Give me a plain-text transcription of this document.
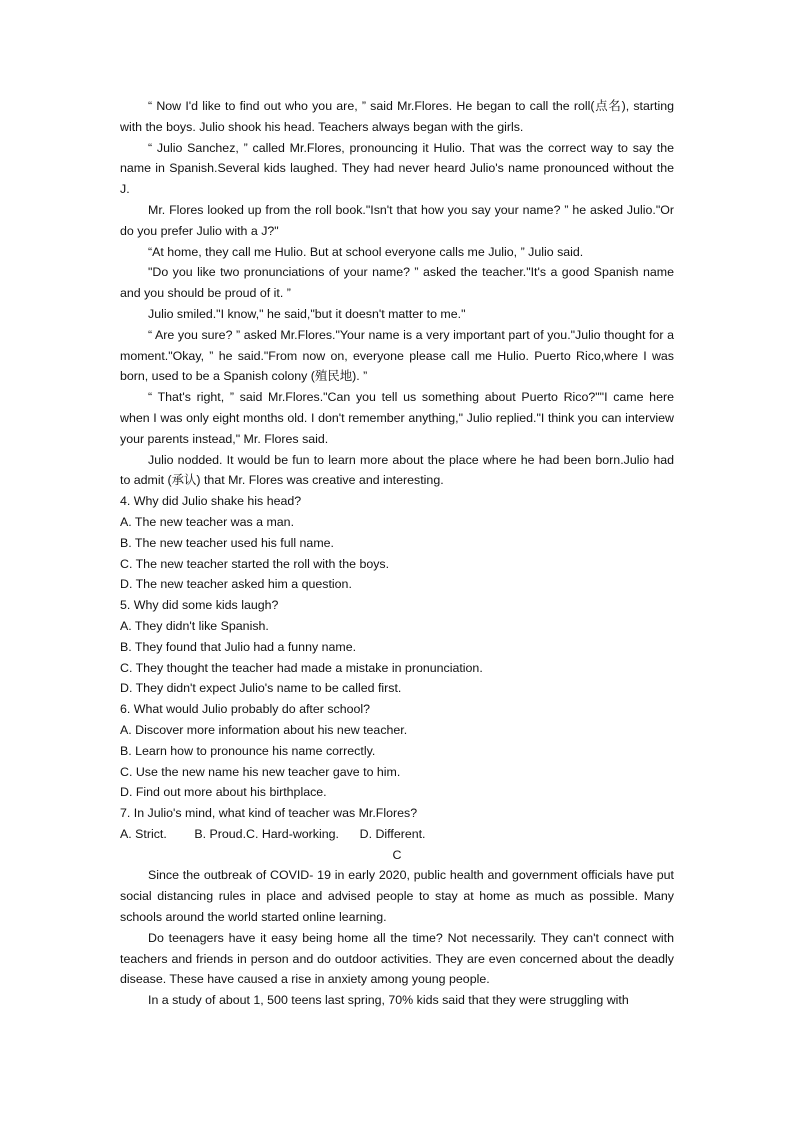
“ Now I'd like to find out who you are, ” said Mr.Flores. He began to call the roll(点名), starting with the boys. Julio shook his head. Teachers always began with the girls.

“ Julio Sanchez, ” called Mr.Flores, pronouncing it Hulio. That was the correct way to say the name in Spanish.Several kids laughed. They had never heard Julio's name pronounced without the J.

Mr. Flores looked up from the roll book."Isn't that how you say your name? ” he asked Julio."Or do you prefer Julio with a J?"

“At home, they call me Hulio. But at school everyone calls me Julio, ” Julio said.

"Do you like two pronunciations of your name? ” asked the teacher."It's a good Spanish name and you should be proud of it. ”

Julio smiled."I know," he said,"but it doesn't matter to me."

“ Are you sure? ” asked Mr.Flores."Your name is a very important part of you."Julio thought for a moment."Okay, ” he said."From now on, everyone please call me Hulio. Puerto Rico,where I was born, used to be a Spanish colony (殖民地). ”

“ That's right, ” said Mr.Flores."Can you tell us something about Puerto Rico?""I came here when I was only eight months old. I don't remember anything," Julio replied."I think you can interview your parents instead," Mr. Flores said.

Julio nodded. It would be fun to learn more about the place where he had been born.Julio had to admit (承认) that Mr. Flores was creative and interesting.

4. Why did Julio shake his head?

A. The new teacher was a man.

B. The new teacher used his full name.

C. The new teacher started the roll with the boys.

D. The new teacher asked him a question.

5. Why did some kids laugh?

A. They didn't like Spanish.

B. They found that Julio had a funny name.

C. They thought the teacher had made a mistake in pronunciation.

D. They didn't expect Julio's name to be called first.

6. What would Julio probably do after school?

A. Discover more information about his new teacher.

B. Learn how to pronounce his name correctly.

C. Use the new name his new teacher gave to him.

D. Find out more about his birthplace.

7. In Julio's mind, what kind of teacher was Mr.Flores?

A. Strict.        B. Proud.C. Hard-working.      D. Different.

C

Since the outbreak of COVID- 19 in early 2020, public health and government officials have put social distancing rules in place and advised people to stay at home as much as possible. Many schools around the world started online learning.

Do teenagers have it easy being home all the time? Not necessarily. They can't connect with teachers and friends in person and do outdoor activities. They are even concerned about the deadly disease. These have caused a rise in anxiety among young people.

In a study of about 1, 500 teens last spring, 70% kids said that they were struggling with
